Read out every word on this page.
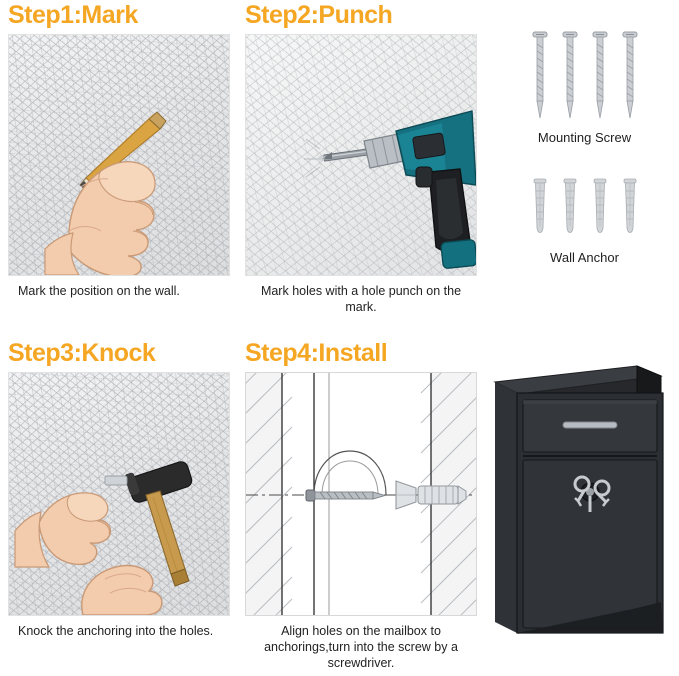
Step1:Mark
Mark the position on the wall.
Step2:Punch
Mark holes with a hole punch on the mark.
Mounting Screw
Wall Anchor
Step3:Knock
Knock the anchoring into the holes.
Step4:Install
Align holes on the mailbox to anchorings,turn into the screw by a screwdriver.
